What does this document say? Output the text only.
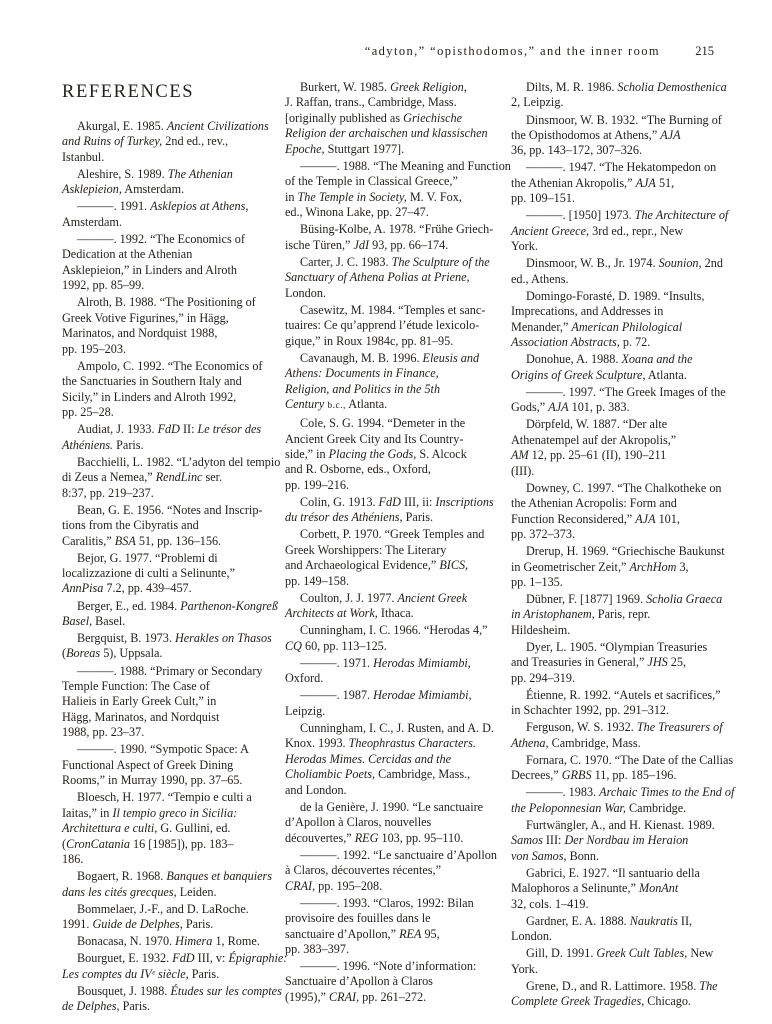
“adyton,” “opisthodomos,” and the inner room	215
REFERENCES
Akurgal, E. 1985. Ancient Civilizations
and Ruins of Turkey, 2nd ed., rev.,
Istanbul.
Aleshire, S. 1989. The Athenian
Asklepieion, Amsterdam.
———. 1991. Asklepios at Athens,
Amsterdam.
———. 1992. “The Economics of
Dedication at the Athenian
Asklepieion,” in Linders and Alroth
1992, pp. 85–99.
Alroth, B. 1988. “The Positioning of
Greek Votive Figurines,” in Hägg,
Marinatos, and Nordquist 1988,
pp. 195–203.
Ampolo, C. 1992. “The Economics of
the Sanctuaries in Southern Italy and
Sicily,” in Linders and Alroth 1992,
pp. 25–28.
Audiat, J. 1933. FdD II: Le trésor des
Athéniens. Paris.
Bacchielli, L. 1982. “L’adyton del tempio
di Zeus a Nemea,” RendLinc ser.
8:37, pp. 219–237.
Bean, G. E. 1956. “Notes and Inscrip-
tions from the Cibyratis and
Caralitis,” BSA 51, pp. 136–156.
Bejor, G. 1977. “Problemi di
localizzazione di culti a Selinunte,”
AnnPisa 7.2, pp. 439–457.
Berger, E., ed. 1984. Parthenon-Kongreß
Basel, Basel.
Bergquist, B. 1973. Herakles on Thasos
(Boreas 5), Uppsala.
———. 1988. “Primary or Secondary
Temple Function: The Case of
Halieis in Early Greek Cult,” in
Hägg, Marinatos, and Nordquist
1988, pp. 23–37.
———. 1990. “Sympotic Space: A
Functional Aspect of Greek Dining
Rooms,” in Murray 1990, pp. 37–65.
Bloesch, H. 1977. “Tempio e culti a
Iaitas,” in Il tempio greco in Sicilia:
Architettura e culti, G. Gullini, ed.
(CronCatania 16 [1985]), pp. 183–
186.
Bogaert, R. 1968. Banques et banquiers
dans les cités grecques, Leiden.
Bommelaer, J.-F., and D. LaRoche.
1991. Guide de Delphes, Paris.
Bonacasa, N. 1970. Himera 1, Rome.
Bourguet, E. 1932. FdD III, v: Épigraphie:
Les comptes du IVᵉ siècle, Paris.
Bousquet, J. 1988. Études sur les comptes
de Delphes, Paris.
Burkert, W. 1985. Greek Religion,
J. Raffan, trans., Cambridge, Mass.
[originally published as Griechische
Religion der archaischen und klassischen
Epoche, Stuttgart 1977].
———. 1988. “The Meaning and Function
of the Temple in Classical Greece,”
in The Temple in Society, M. V. Fox,
ed., Winona Lake, pp. 27–47.
Büsing-Kolbe, A. 1978. “Frühe Griech-
ische Türen,” JdI 93, pp. 66–174.
Carter, J. C. 1983. The Sculpture of the
Sanctuary of Athena Polias at Priene,
London.
Casewitz, M. 1984. “Temples et sanc-
tuaires: Ce qu’apprend l’étude lexicolo-
gique,” in Roux 1984c, pp. 81–95.
Cavanaugh, M. B. 1996. Eleusis and
Athens: Documents in Finance,
Religion, and Politics in the 5th
Century b.c., Atlanta.
Cole, S. G. 1994. “Demeter in the
Ancient Greek City and Its Country-
side,” in Placing the Gods, S. Alcock
and R. Osborne, eds., Oxford,
pp. 199–216.
Colin, G. 1913. FdD III, ii: Inscriptions
du trésor des Athéniens, Paris.
Corbett, P. 1970. “Greek Temples and
Greek Worshippers: The Literary
and Archaeological Evidence,” BICS,
pp. 149–158.
Coulton, J. J. 1977. Ancient Greek
Architects at Work, Ithaca.
Cunningham, I. C. 1966. “Herodas 4,”
CQ 60, pp. 113–125.
———. 1971. Herodas Mimiambi,
Oxford.
———. 1987. Herodae Mimiambi,
Leipzig.
Cunningham, I. C., J. Rusten, and A. D.
Knox. 1993. Theophrastus Characters.
Herodas Mimes. Cercidas and the
Choliambic Poets, Cambridge, Mass.,
and London.
de la Genière, J. 1990. “Le sanctuaire
d’Apollon à Claros, nouvelles
découvertes,” REG 103, pp. 95–110.
———. 1992. “Le sanctuaire d’Apollon
à Claros, découvertes récentes,”
CRAI, pp. 195–208.
———. 1993. “Claros, 1992: Bilan
provisoire des fouilles dans le
sanctuaire d’Apollon,” REA 95,
pp. 383–397.
———. 1996. “Note d’information:
Sanctuaire d’Apollon à Claros
(1995),” CRAI, pp. 261–272.
Dilts, M. R. 1986. Scholia Demosthenica
2, Leipzig.
Dinsmoor, W. B. 1932. “The Burning of
the Opisthodomos at Athens,” AJA
36, pp. 143–172, 307–326.
———. 1947. “The Hekatompedon on
the Athenian Akropolis,” AJA 51,
pp. 109–151.
———. [1950] 1973. The Architecture of
Ancient Greece, 3rd ed., repr., New
York.
Dinsmoor, W. B., Jr. 1974. Sounion, 2nd
ed., Athens.
Domingo-Forasté, D. 1989. “Insults,
Imprecations, and Addresses in
Menander,” American Philological
Association Abstracts, p. 72.
Donohue, A. 1988. Xoana and the
Origins of Greek Sculpture, Atlanta.
———. 1997. “The Greek Images of the
Gods,” AJA 101, p. 383.
Dörpfeld, W. 1887. “Der alte
Athenatempel auf der Akropolis,”
AM 12, pp. 25–61 (II), 190–211
(III).
Downey, C. 1997. “The Chalkotheke on
the Athenian Acropolis: Form and
Function Reconsidered,” AJA 101,
pp. 372–373.
Drerup, H. 1969. “Griechische Baukunst
in Geometrischer Zeit,” ArchHom 3,
pp. 1–135.
Dübner, F. [1877] 1969. Scholia Graeca
in Aristophanem, Paris, repr.
Hildesheim.
Dyer, L. 1905. “Olympian Treasuries
and Treasuries in General,” JHS 25,
pp. 294–319.
Étienne, R. 1992. “Autels et sacrifices,”
in Schachter 1992, pp. 291–312.
Ferguson, W. S. 1932. The Treasurers of
Athena, Cambridge, Mass.
Fornara, C. 1970. “The Date of the Callias
Decrees,” GRBS 11, pp. 185–196.
———. 1983. Archaic Times to the End of
the Peloponnesian War, Cambridge.
Furtwängler, A., and H. Kienast. 1989.
Samos III: Der Nordbau im Heraion
von Samos, Bonn.
Gabrici, E. 1927. “Il santuario della
Malophoros a Selinunte,” MonAnt
32, cols. 1–419.
Gardner, E. A. 1888. Naukratis II,
London.
Gill, D. 1991. Greek Cult Tables, New
York.
Grene, D., and R. Lattimore. 1958. The
Complete Greek Tragedies, Chicago.
